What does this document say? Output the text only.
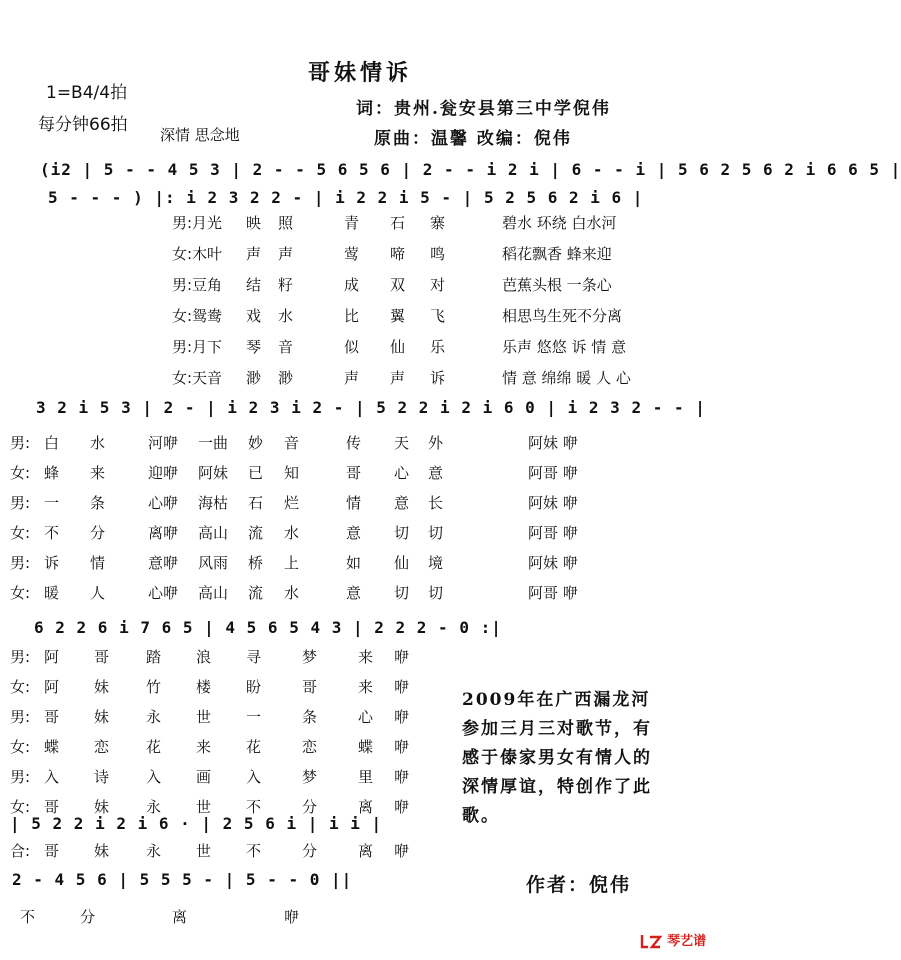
哥妹情诉
1=B4/4拍
词：贵州.瓮安县第三中学倪伟
每分钟66拍 深情 思念地	原曲：温馨 改编：倪伟
(i2 | 5 - - 4 5 3 | 2 - - 5 6 5 6 | 2 - - i 2 i | 6 - - i | 5 6 2 5 6 2 i 6 6 5 |
5 - - - ) |: i 2 3 2 2 - | i 2 2 i 5 - | 5 2 5 6 2 i 6 |
男:月光 映 照	青 石 寨	碧水 环绕 白水河
女:木叶 声 声	莺 啼 鸣	稻花飘香 蜂来迎
男:豆角 结 籽	成 双 对	芭蕉头根 一条心
女:鸳鸯 戏 水	比 翼 飞	相思鸟生死不分离
男:月下 琴 音	似 仙 乐	乐声 悠悠 诉 情 意
女:天音 渺 渺	声 声 诉	情 意 绵绵 暖 人 心
3 2 i 5 3 | 2 - | i 2 3 i 2 - | 5 2 2 i 2 i 6 0 | i 2 3 2 - - |
男: 白 水	河咿 一曲 妙 音	传 天 外	阿妹 咿
女: 蜂 来	迎咿 阿妹 已 知	哥 心 意	阿哥 咿
男: 一 条	心咿 海枯 石 烂	情 意 长	阿妹 咿
女: 不 分	离咿 高山 流 水	意 切 切	阿哥 咿
男: 诉 情	意咿 风雨 桥 上	如 仙 境	阿妹 咿
女: 暖 人	心咿 高山 流 水	意 切 切	阿哥 咿
6 2 2 6 i 7 6 5 | 4 5 6 5 4 3 | 2 2 2 - 0 :|
男: 阿 哥 踏 浪 寻	梦	来 咿
女: 阿 妹 竹 楼 盼	哥	来 咿
男: 哥 妹 永 世 一	条	心 咿
女: 蝶 恋 花 来 花	恋	蝶 咿
男: 入 诗 入 画 入	梦	里 咿
女: 哥 妹 永 世 不	分	离 咿
合: 哥 妹 永 世 不	分	离 咿
| 5 2 2 i 2 i 6 · | 2 5 6 i | i i |
2 - 4 5 6 | 5 5 5 - | 5 - - 0 ||
不	分	离	咿
2009年在广西漏龙河参加三月三对歌节，有感于傣家男女有情人的深情厚谊，特创作了此歌。
作者：倪伟
琴艺谱
